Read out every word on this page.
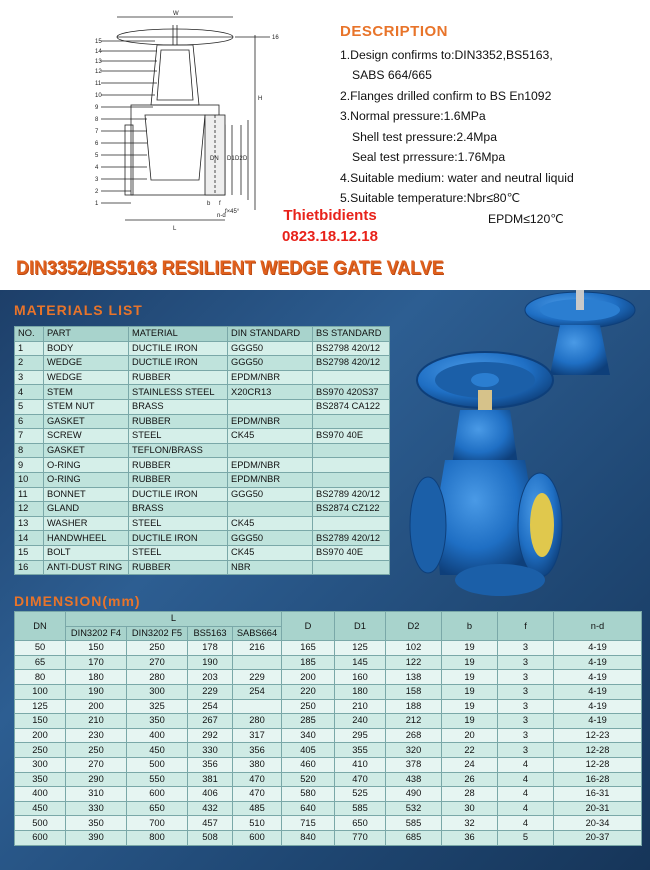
W
H
L
DN D1 D2 D
b f
n-d
f×45°
15
14
13
12
11
10
9
8
7
6
5
4
3
2
1
16	DESCRIPTION
1.Design confirms to:DIN3352,BS5163,
SABS 664/665
2.Flanges drilled confirm to BS En1092
3.Normal pressure:1.6MPa
Shell test pressure:2.4Mpa
Seal test prressure:1.76Mpa
4.Suitable medium: water and neutral liquid
5.Suitable temperature:Nbr≤80℃
EPDM≤120℃
Thietbidients
0823.18.12.18
DIN3352/BS5163 RESILIENT WEDGE GATE VALVE
MATERIALS LIST
NO.	PART	MATERIAL	DIN STANDARD	BS STANDARD
1	BODY	DUCTILE IRON	GGG50	BS2798 420/12
2	WEDGE	DUCTILE IRON	GGG50	BS2798 420/12
3	WEDGE	RUBBER	EPDM/NBR	
4	STEM	STAINLESS STEEL	X20CR13	BS970 420S37
5	STEM NUT	BRASS		BS2874 CA122
6	GASKET	RUBBER	EPDM/NBR	
7	SCREW	STEEL	CK45	BS970 40E
8	GASKET	TEFLON/BRASS		
9	O-RING	RUBBER	EPDM/NBR	
10	O-RING	RUBBER	EPDM/NBR	
11	BONNET	DUCTILE IRON	GGG50	BS2789 420/12
12	GLAND	BRASS		BS2874 CZ122
13	WASHER	STEEL	CK45	
14	HANDWHEEL	DUCTILE IRON	GGG50	BS2789 420/12
15	BOLT	STEEL	CK45	BS970 40E
16	ANTI-DUST RING	RUBBER	NBR	
DIMENSION(mm)
DN	L				D	D1	D2	b	f	n-d
	DIN3202 F4	DIN3202 F5	BS5163	SABS664						
50	150	250	178	216	165	125	102	19	3	4-19
65	170	270	190		185	145	122	19	3	4-19
80	180	280	203	229	200	160	138	19	3	4-19
100	190	300	229	254	220	180	158	19	3	4-19
125	200	325	254		250	210	188	19	3	4-19
150	210	350	267	280	285	240	212	19	3	4-19
200	230	400	292	317	340	295	268	20	3	12-23
250	250	450	330	356	405	355	320	22	3	12-28
300	270	500	356	380	460	410	378	24	4	12-28
350	290	550	381	470	520	470	438	26	4	16-28
400	310	600	406	470	580	525	490	28	4	16-31
450	330	650	432	485	640	585	532	30	4	20-31
500	350	700	457	510	715	650	585	32	4	20-34
600	390	800	508	600	840	770	685	36	5	20-37
